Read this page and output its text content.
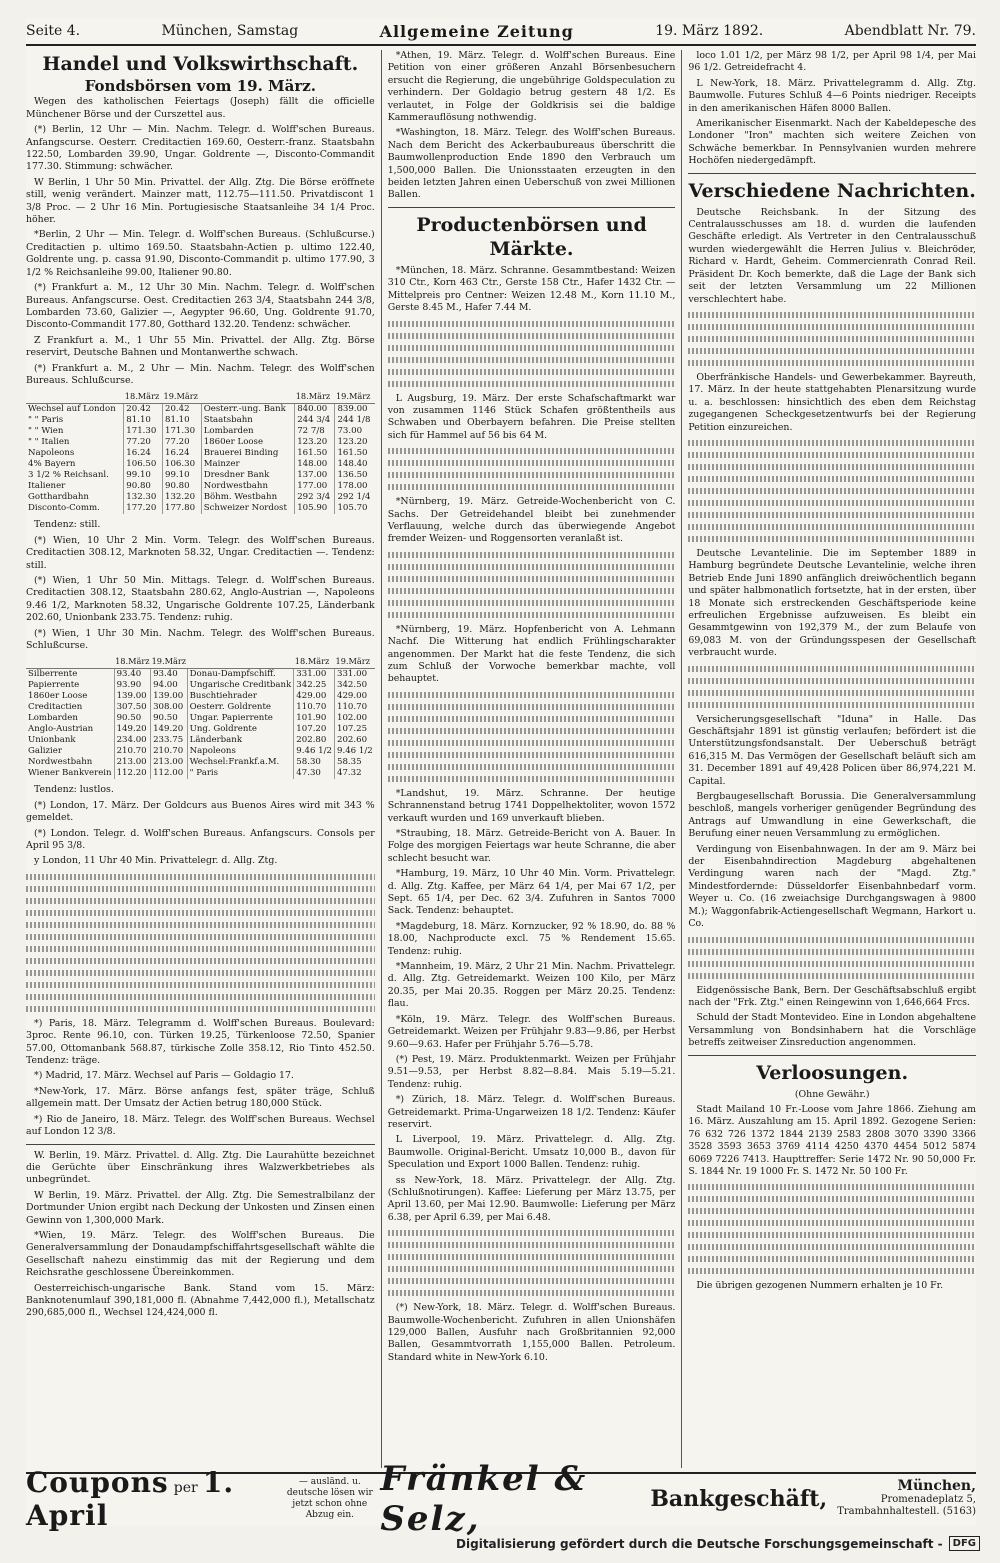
Seite 4.	München, Samstag	Allgemeine Zeitung	19. März 1892.	Abendblatt Nr. 79.
Handel und Volkswirthschaft.
Fondsbörsen vom 19. März.

Wegen des katholischen Feiertags (Joseph) fällt die officielle Münchener Börse und der Curszettel aus.

(*) Berlin, 12 Uhr — Min. Nachm. Telegr. d. Wolff'schen Bureaus. Anfangscurse. Oesterr. Creditactien 169.60, Oesterr.-franz. Staatsbahn 122.50, Lombarden 39.90, Ungar. Goldrente —, Disconto-Commandit 177.30. Stimmung: schwächer.

W Berlin, 1 Uhr 50 Min. Privattel. der Allg. Ztg. Die Börse eröffnete still, wenig verändert. Mainzer matt, 112.75—111.50. Privatdiscont 1 3/8 Proc. — 2 Uhr 16 Min. Portugiesische Staatsanleihe 34 1/4 Proc. höher.

*Berlin, 2 Uhr — Min. Telegr. d. Wolff'schen Bureaus. (Schlußcurse.) Creditactien p. ultimo 169.50. Staatsbahn-Actien p. ultimo 122.40, Goldrente ung. p. cassa 91.90, Disconto-Commandit p. ultimo 177.90, 3 1/2 % Reichsanleihe 99.00, Italiener 90.80.

(*) Frankfurt a. M., 12 Uhr 30 Min. Nachm. Telegr. d. Wolff'schen Bureaus. Anfangscurse. Oest. Creditactien 263 3/4, Staatsbahn 244 3/8, Lombarden 73.60, Galizier —, Aegypter 96.60, Ung. Goldrente 91.70, Disconto-Commandit 177.80, Gotthard 132.20. Tendenz: schwächer.

Z Frankfurt a. M., 1 Uhr 55 Min. Privattel. der Allg. Ztg. Börse reservirt, Deutsche Bahnen und Montanwerthe schwach.

(*) Frankfurt a. M., 2 Uhr — Min. Nachm. Telegr. des Wolff'schen Bureaus. Schlußcurse.

	18.März	19.März		18.März	19.März
Wechsel auf London	20.42	20.42	Oesterr.-ung. Bank	840.00	839.00
" " Paris	81.10	81.10	Staatsbahn	244 3/4	244 1/8
" " Wien	171.30	171.30	Lombarden	72 7/8	73.00
" " Italien	77.20	77.20	1860er Loose	123.20	123.20
Napoleons	16.24	16.24	Brauerei Binding	161.50	161.50
4% Bayern	106.50	106.30	Mainzer	148.00	148.40
3 1/2 % Reichsanl.	99.10	99.10	Dresdner Bank	137.00	136.50
Italiener	90.80	90.80	Nordwestbahn	177.00	178.00
Gotthardbahn	132.30	132.20	Böhm. Westbahn	292 3/4	292 1/4
Disconto-Comm.	177.20	177.80	Schweizer Nordost	105.90	105.70

Tendenz: still.

(*) Wien, 10 Uhr 2 Min. Vorm. Telegr. des Wolff'schen Bureaus. Creditactien 308.12, Marknoten 58.32, Ungar. Creditactien —. Tendenz: still.

(*) Wien, 1 Uhr 50 Min. Mittags. Telegr. d. Wolff'schen Bureaus. Creditactien 308.12, Staatsbahn 280.62, Anglo-Austrian —, Napoleons 9.46 1/2, Marknoten 58.32, Ungarische Goldrente 107.25, Länderbank 202.60, Unionbank 233.75. Tendenz: ruhig.

(*) Wien, 1 Uhr 30 Min. Nachm. Telegr. des Wolff'schen Bureaus. Schlußcurse.

	18.März	19.März		18.März	19.März
Silberrente	93.40	93.40	Donau-Dampfschiff.	331.00	331.00
Papierrente	93.90	94.00	Ungarische Creditbank	342.25	342.50
1860er Loose	139.00	139.00	Buschtiehrader	429.00	429.00
Creditactien	307.50	308.00	Oesterr. Goldrente	110.70	110.70
Lombarden	90.50	90.50	Ungar. Papierrente	101.90	102.00
Anglo-Austrian	149.20	149.20	Ung. Goldrente	107.20	107.25
Unionbank	234.00	233.75	Länderbank	202.80	202.60
Galizier	210.70	210.70	Napoleons	9.46 1/2	9.46 1/2
Nordwestbahn	213.00	213.00	Wechsel:Frankf.a.M.	58.30	58.35
Wiener Bankverein	112.20	112.00	" Paris	47.30	47.32

Tendenz: lustlos.

(*) London, 17. März. Der Goldcurs aus Buenos Aires wird mit 343 % gemeldet.

(*) London. Telegr. d. Wolff'schen Bureaus. Anfangscurs. Consols per April 95 3/8.

y London, 11 Uhr 40 Min. Privattelegr. d. Allg. Ztg.

*) Paris, 18. März. Telegramm d. Wolff'schen Bureaus. Boulevard: 3proc. Rente 96.10, con. Türken 19.25, Türkenloose 72.50, Spanier 57.00, Ottomanbank 568.87, türkische Zolle 358.12, Rio Tinto 452.50. Tendenz: träge.

*) Madrid, 17. März. Wechsel auf Paris — Goldagio 17.

*New-York, 17. März. Börse anfangs fest, später träge, Schluß allgemein matt. Der Umsatz der Actien betrug 180,000 Stück.

*) Rio de Janeiro, 18. März. Telegr. des Wolff'schen Bureaus. Wechsel auf London 12 3/8.

W. Berlin, 19. März. Privattel. d. Allg. Ztg. Die Laurahütte bezeichnet die Gerüchte über Einschränkung ihres Walzwerkbetriebes als unbegründet.

W Berlin, 19. März. Privattel. der Allg. Ztg. Die Semestralbilanz der Dortmunder Union ergibt nach Deckung der Unkosten und Zinsen einen Gewinn von 1,300,000 Mark.

*Wien, 19. März. Telegr. des Wolff'schen Bureaus. Die Generalversammlung der Donaudampfschiffahrtsgesellschaft wählte die Gesellschaft nahezu einstimmig das mit der Regierung und dem Reichsrathe geschlossene Übereinkommen.

Oesterreichisch-ungarische Bank. Stand vom 15. März: Banknotenumlauf 390,181,000 fl. (Abnahme 7,442,000 fl.), Metallschatz 290,685,000 fl., Wechsel 124,424,000 fl.

*Athen, 19. März. Telegr. d. Wolff'schen Bureaus. Eine Petition von einer größeren Anzahl Börsenbesuchern ersucht die Regierung, die ungebührige Goldspeculation zu verhindern. Der Goldagio betrug gestern 48 1/2. Es verlautet, in Folge der Goldkrisis sei die baldige Kammerauflösung nothwendig.

*Washington, 18. März. Telegr. des Wolff'schen Bureaus. Nach dem Bericht des Ackerbaubureaus überschritt die Baumwollenproduction Ende 1890 den Verbrauch um 1,500,000 Ballen. Die Unionsstaaten erzeugten in den beiden letzten Jahren einen Ueberschuß von zwei Millionen Ballen.

Productenbörsen und Märkte.

*München, 18. März. Schranne. Gesammtbestand: Weizen 310 Ctr., Korn 463 Ctr., Gerste 158 Ctr., Hafer 1432 Ctr. — Mittelpreis pro Centner: Weizen 12.48 M., Korn 11.10 M., Gerste 8.45 M., Hafer 7.44 M.

L Augsburg, 19. März. Der erste Schafschaftmarkt war von zusammen 1146 Stück Schafen größtentheils aus Schwaben und Oberbayern befahren. Die Preise stellten sich für Hammel auf 56 bis 64 M.

*Nürnberg, 19. März. Getreide-Wochenbericht von C. Sachs. Der Getreidehandel bleibt bei zunehmender Verflauung, welche durch das überwiegende Angebot fremder Weizen- und Roggensorten veranlaßt ist.

*Nürnberg, 19. März. Hopfenbericht von A. Lehmann Nachf. Die Witterung hat endlich Frühlingscharakter angenommen. Der Markt hat die feste Tendenz, die sich zum Schluß der Vorwoche bemerkbar machte, voll behauptet.

*Landshut, 19. März. Schranne. Der heutige Schrannenstand betrug 1741 Doppelhektoliter, wovon 1572 verkauft wurden und 169 unverkauft blieben.

*Straubing, 18. März. Getreide-Bericht von A. Bauer. In Folge des morgigen Feiertags war heute Schranne, die aber schlecht besucht war.

*Hamburg, 19. März, 10 Uhr 40 Min. Vorm. Privattelegr. d. Allg. Ztg. Kaffee, per März 64 1/4, per Mai 67 1/2, per Sept. 65 1/4, per Dec. 62 3/4. Zufuhren in Santos 7000 Sack. Tendenz: behauptet.

*Magdeburg, 18. März. Kornzucker, 92 % 18.90, do. 88 % 18.00, Nachproducte excl. 75 % Rendement 15.65. Tendenz: ruhig.

*Mannheim, 19. März, 2 Uhr 21 Min. Nachm. Privattelegr. d. Allg. Ztg. Getreidemarkt. Weizen 100 Kilo, per März 20.35, per Mai 20.35. Roggen per März 20.25. Tendenz: flau.

*Köln, 19. März. Telegr. des Wolff'schen Bureaus. Getreidemarkt. Weizen per Frühjahr 9.83—9.86, per Herbst 9.60—9.63. Hafer per Frühjahr 5.76—5.78.

(*) Pest, 19. März. Produktenmarkt. Weizen per Frühjahr 9.51—9.53, per Herbst 8.82—8.84. Mais 5.19—5.21. Tendenz: ruhig.

*) Zürich, 18. März. Telegr. d. Wolff'schen Bureaus. Getreidemarkt. Prima-Ungarweizen 18 1/2. Tendenz: Käufer reservirt.

L Liverpool, 19. März. Privattelegr. d. Allg. Ztg. Baumwolle. Original-Bericht. Umsatz 10,000 B., davon für Speculation und Export 1000 Ballen. Tendenz: ruhig.

ss New-York, 18. März. Privattelegr. der Allg. Ztg. (Schlußnotirungen). Kaffee: Lieferung per März 13.75, per April 13.60, per Mai 12.90. Baumwolle: Lieferung per März 6.38, per April 6.39, per Mai 6.48.

(*) New-York, 18. März. Telegr. d. Wolff'schen Bureaus. Baumwolle-Wochenbericht. Zufuhren in allen Unionshäfen 129,000 Ballen, Ausfuhr nach Großbritannien 92,000 Ballen, Gesammtvorrath 1,155,000 Ballen. Petroleum. Standard white in New-York 6.10.

loco 1.01 1/2, per März 98 1/2, per April 98 1/4, per Mai 96 1/2. Getreidefracht 4.

L New-York, 18. März. Privattelegramm d. Allg. Ztg. Baumwolle. Futures Schluß 4—6 Points niedriger. Receipts in den amerikanischen Häfen 8000 Ballen.

Amerikanischer Eisenmarkt. Nach der Kabeldepesche des Londoner "Iron" machten sich weitere Zeichen von Schwäche bemerkbar. In Pennsylvanien wurden mehrere Hochöfen niedergedämpft.

Verschiedene Nachrichten.

Deutsche Reichsbank. In der Sitzung des Centralausschusses am 18. d. wurden die laufenden Geschäfte erledigt. Als Vertreter in den Centralausschuß wurden wiedergewählt die Herren Julius v. Bleichröder, Richard v. Hardt, Geheim. Commercienrath Conrad Reil. Präsident Dr. Koch bemerkte, daß die Lage der Bank sich seit der letzten Versammlung um 22 Millionen verschlechtert habe.

Oberfränkische Handels- und Gewerbekammer. Bayreuth, 17. März. In der heute stattgehabten Plenarsitzung wurde u. a. beschlossen: hinsichtlich des eben dem Reichstag zugegangenen Scheckgesetzentwurfs bei der Regierung Petition einzureichen.

Deutsche Levantelinie. Die im September 1889 in Hamburg begründete Deutsche Levantelinie, welche ihren Betrieb Ende Juni 1890 anfänglich dreiwöchentlich begann und später halbmonatlich fortsetzte, hat in der ersten, über 18 Monate sich erstreckenden Geschäftsperiode keine erfreulichen Ergebnisse aufzuweisen. Es bleibt ein Gesammtgewinn von 192,379 M., der zum Belaufe von 69,083 M. von der Gründungsspesen der Gesellschaft verbraucht wurde.

Versicherungsgesellschaft "Iduna" in Halle. Das Geschäftsjahr 1891 ist günstig verlaufen; befördert ist die Unterstützungsfondsanstalt. Der Ueberschuß beträgt 616,315 M. Das Vermögen der Gesellschaft beläuft sich am 31. December 1891 auf 49,428 Policen über 86,974,221 M. Capital.

Bergbaugesellschaft Borussia. Die Generalversammlung beschloß, mangels vorheriger genügender Begründung des Antrags auf Umwandlung in eine Gewerkschaft, die Berufung einer neuen Versammlung zu ermöglichen.

Verdingung von Eisenbahnwagen. In der am 9. März bei der Eisenbahndirection Magdeburg abgehaltenen Verdingung waren nach der "Magd. Ztg." Mindestfordernde: Düsseldorfer Eisenbahnbedarf vorm. Weyer u. Co. (16 zweiachsige Durchgangswagen à 9800 M.); Waggonfabrik-Actiengesellschaft Wegmann, Harkort u. Co.

Eidgenössische Bank, Bern. Der Geschäftsabschluß ergibt nach der "Frk. Ztg." einen Reingewinn von 1,646,664 Frcs.

Schuld der Stadt Montevideo. Eine in London abgehaltene Versammlung von Bondsinhabern hat die Vorschläge betreffs zeitweiser Zinsreduction angenommen.

Verloosungen.

(Ohne Gewähr.)

Stadt Mailand 10 Fr.-Loose vom Jahre 1866. Ziehung am 16. März. Auszahlung am 15. April 1892. Gezogene Serien: 76 632 726 1372 1844 2139 2583 2808 3070 3390 3366 3528 3593 3653 3769 4114 4250 4370 4454 5012 5874 6069 7226 7413. Haupttreffer: Serie 1472 Nr. 90 50,000 Fr. S. 1844 Nr. 19 1000 Fr. S. 1472 Nr. 50 100 Fr.

Die übrigen gezogenen Nummern erhalten je 10 Fr.

Coupons per 1. April
— ausländ. u. deutsche lösen wir jetzt schon ohne Abzug ein.
Fränkel & Selz,	Bankgeschäft,	München, Promenadeplatz 5,
Trambahnhaltestell. (5163)
Digitalisierung gefördert durch die Deutsche Forschungsgemeinschaft -	DFG
